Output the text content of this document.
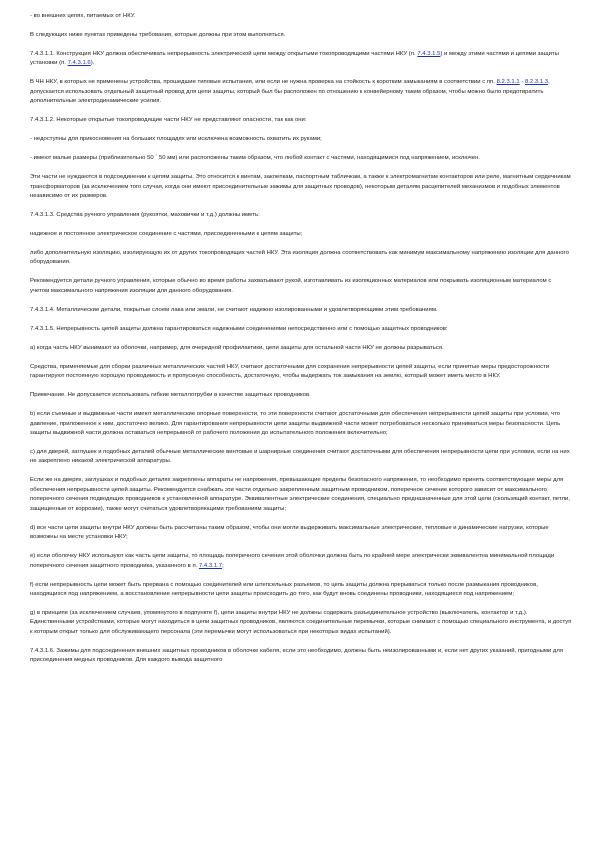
- во внешних цепях, питаемых от НКУ.

В следующих ниже пунктах приведены требования, которые должны при этом выполняться.

7.4.3.1.1. Конструкция НКУ должна обеспечивать непрерывность электрической цепи между открытыми токопроводящими частями НКУ (п. 7.4.3.1.5) и между этими частями и цепями защиты установки (п. 7.4.3.1.6).

В ЧН НКУ, в которых не применены устройства, прошедшие типовые испытания, или если не нужна проверка на стойкость к коротким замыканиям в соответствии с пп. 8.2.3.1.1 - 8.2.3.1.3, допускается использовать отдельный защитный провод для цепи защиты, который был бы расположен по отношению к конвейерному таким образом, чтобы можно было предотвратить дополнительные электродинамические усилия.

7.4.3.1.2. Некоторые открытые токопроводящие части НКУ не представляют опасности, так как они:

- недоступны для прикосновения на больших площадях или исключена возможность охватить их руками;

- имеют малые размеры (приблизительно 50 ´ 50 мм) или расположены таким образом, что любой контакт с частями, находящимися под напряжением, исключен.

Эти части не нуждаются в подсоединении к цепям защиты. Это относится к винтам, заклепкам, паспортным табличкам, а также к электромагнитам контакторов или реле, магнитным сердечникам трансформаторов (за исключением того случая, когда они имеют присоединительные зажимы для защитных проводов), некоторым деталям расцепителей механизмов и подобных элементов независимо от их размеров.

7.4.3.1.3. Средства ручного управления (рукоятки, маховички и т.д.) должны иметь:

надежное и постоянное электрическое соединение с частями, присоединенными к цепям защиты;

либо дополнительную изоляцию, изолирующую их от других токопроводящих частей НКУ. Эта изоляция должна соответствовать как минимум максимальному напряжению изоляции для данного оборудования.

Рекомендуется детали ручного управления, которые обычно во время работы захватывают рукой, изготавливать из изоляционных материалов или покрывать изоляционным материалом с учетом максимального напряжения изоляции для данного оборудования.

7.4.3.1.4. Металлические детали, покрытые слоем лака или эмали, не считают надежно изолированными и удовлетворяющими этим требованиям.

7.4.3.1.5. Непрерывность цепей защиты должна гарантироваться надежными соединениями непосредственно или с помощью защитных проводников:

а) когда часть НКУ вынимают из оболочки, например, для очередной профилактики, цепи защиты для остальной части НКУ не должны разрываться.

Средства, применяемые для сборки различных металлических частей НКУ, считают достаточными для сохранения непрерывности цепей защиты, если принятые меры предосторожности гарантируют постоянную хорошую проводимость и пропускную способность, достаточную, чтобы выдержать ток замыкания на землю, который может иметь место в НКУ.

Примечание. Не допускается использовать гибкие металлотрубки в качестве защитных проводников.

b) если съемные и выдвижные части имеют металлические опорные поверхности, то эти поверхности считают достаточными для обеспечения непрерывности цепей защиты при условии, что давление, приложенное к ним, достаточно велико. Для гарантирования непрерывности цепи защиты выдвижной части может потребоваться несколько приниматься меры безопасности. Цепь защиты выдвижной части должна оставаться непрерывной от рабочего положения до испытательного положения включительно;

с) для дверей, заглушек и подобных деталей обычные металлические винтовые и шарнирные соединения считают достаточными для обеспечения непрерывности цепи при условии, если на них не закреплено никакой электрической аппаратуры.

Если же на дверях, заглушках и подобных деталях закреплены аппараты не напряжения, превышающие пределы безопасного напряжения, то необходимо принять соответствующие меры для обеспечения непрерывности цепей защиты. Рекомендуется снабжать эти части отдельно закрепленным защитным проводником, поперечное сечение которого зависит от максимального поперечного сечения подводящих проводников к установленной аппаратуре. Эквивалентные электрические соединения, специально предназначенные для этой цели (скользящий контакт, петли, защищенные от коррозии), также могут считаться удовлетворяющими требованиям защиты;

d) все части цепи защиты внутри НКУ должны быть рассчитаны таким образом, чтобы они могли выдерживать максимальные электрические, тепловые и динамические нагрузки, которые возможны на месте установки НКУ;

е) если оболочку НКУ используют как часть цепи защиты, то площадь поперечного сечения этой оболочки должна быть по крайней мере электрически эквивалентна минимальной площади поперечного сечения защитного проводника, указанного в п. 7.4.3.1.7;

f) если непрерывность цепи может быть прервана с помощью соединителей или штепсельных разъемов, то цепь защиты должна прерываться только после размыкания проводников, находящихся под напряжением, а восстановление непрерывности цепи защиты происходить до того, как будут вновь соединены проводники, находящиеся под напряжением;

g) в принципе (за исключением случаев, упомянутого в подпункте f), цепи защиты внутри НКУ не должны содержать разъединительное устройство (выключатель, контактор и т.д.). Единственными устройствами, которые могут находиться в цепи защитных проводников, являются соединительные перемычки, которые снимают с помощью специального инструмента, и доступ к которым открыт только для обслуживающего персонала (эти перемычки могут использоваться при некоторых видах испытаний).

7.4.3.1.6. Зажимы для подсоединения внешних защитных проводников в оболочке кабеля, если это необходимо, должны быть неизолированными и, если нет других указаний, пригодными для присоединения медных проводников. Для каждого вывода защитного
